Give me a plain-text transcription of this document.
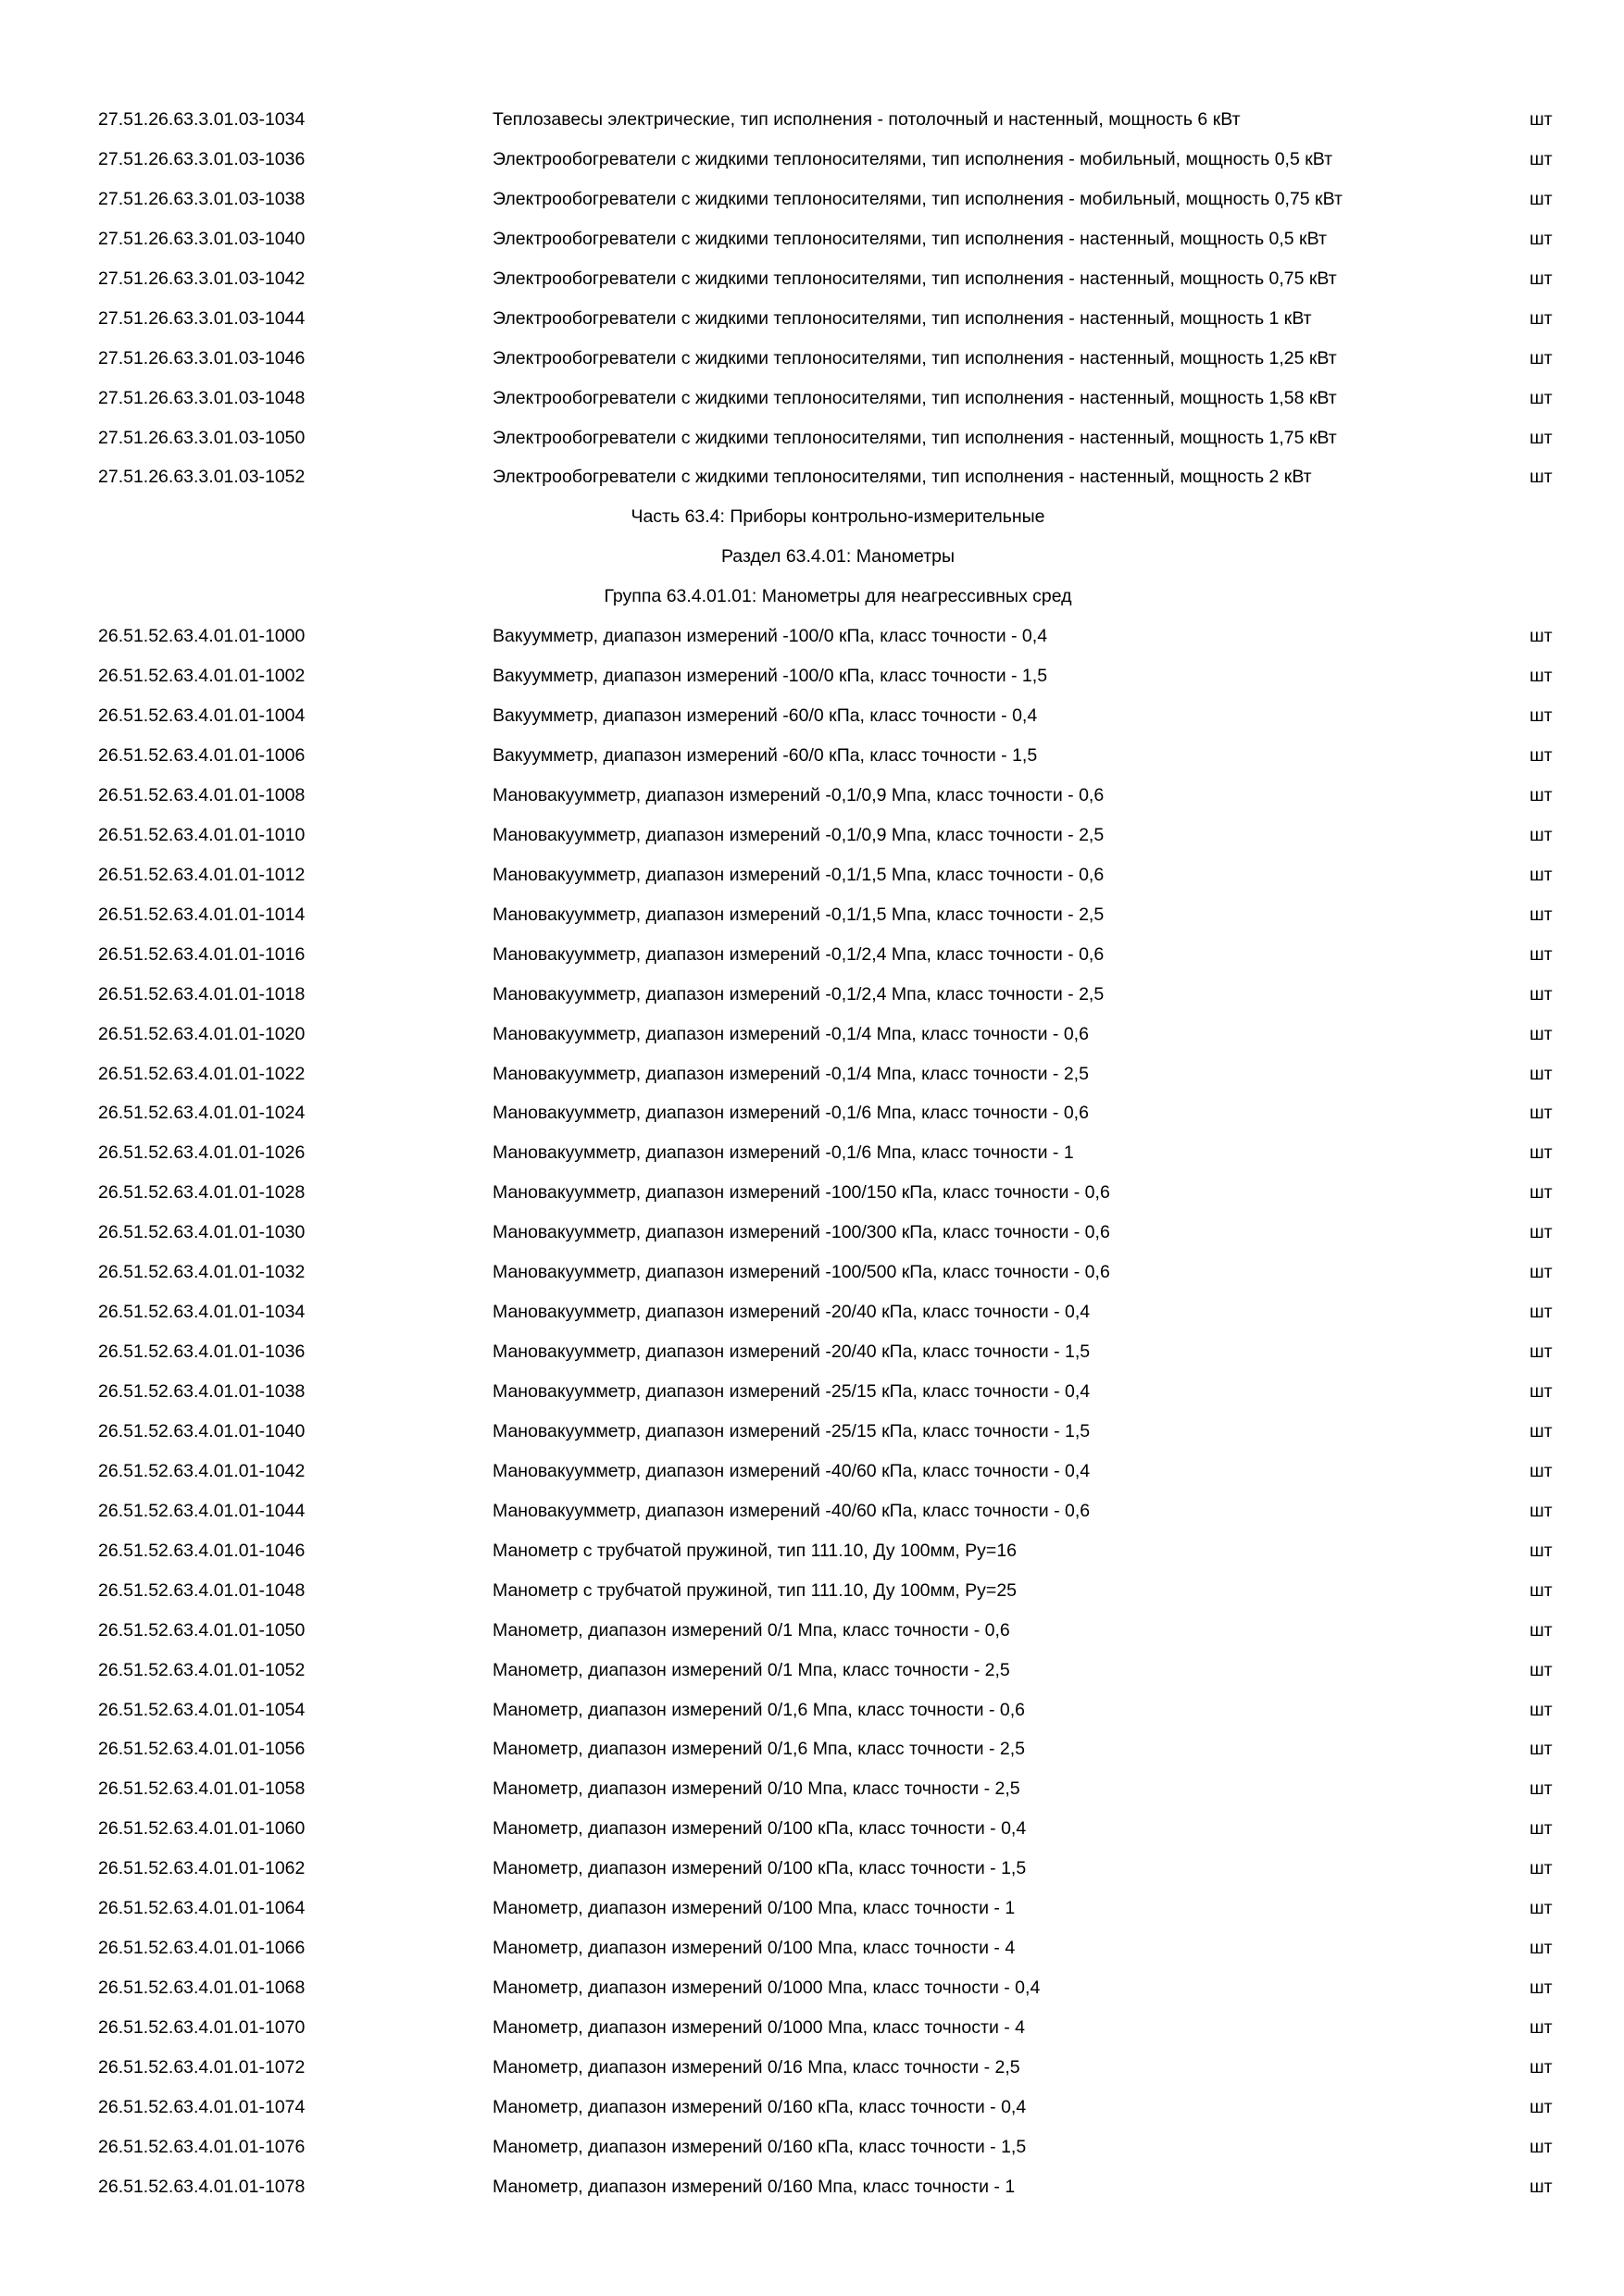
27.51.26.63.3.01.03-1034	Теплозавесы электрические, тип исполнения - потолочный и настенный, мощность 6 кВт	шт
27.51.26.63.3.01.03-1036	Электрообогреватели с жидкими теплоносителями, тип исполнения - мобильный, мощность 0,5 кВт	шт
27.51.26.63.3.01.03-1038	Электрообогреватели с жидкими теплоносителями, тип исполнения - мобильный, мощность 0,75 кВт	шт
27.51.26.63.3.01.03-1040	Электрообогреватели с жидкими теплоносителями, тип исполнения - настенный, мощность 0,5 кВт	шт
27.51.26.63.3.01.03-1042	Электрообогреватели с жидкими теплоносителями, тип исполнения - настенный, мощность 0,75 кВт	шт
27.51.26.63.3.01.03-1044	Электрообогреватели с жидкими теплоносителями, тип исполнения - настенный, мощность 1 кВт	шт
27.51.26.63.3.01.03-1046	Электрообогреватели с жидкими теплоносителями, тип исполнения - настенный, мощность 1,25 кВт	шт
27.51.26.63.3.01.03-1048	Электрообогреватели с жидкими теплоносителями, тип исполнения - настенный, мощность 1,58 кВт	шт
27.51.26.63.3.01.03-1050	Электрообогреватели с жидкими теплоносителями, тип исполнения - настенный, мощность 1,75 кВт	шт
27.51.26.63.3.01.03-1052	Электрообогреватели с жидкими теплоносителями, тип исполнения - настенный, мощность 2 кВт	шт
Часть 63.4: Приборы контрольно-измерительные
Раздел 63.4.01: Манометры
Группа 63.4.01.01: Манометры для неагрессивных сред
26.51.52.63.4.01.01-1000	Вакуумметр, диапазон измерений -100/0 кПа, класс точности - 0,4	шт
26.51.52.63.4.01.01-1002	Вакуумметр, диапазон измерений -100/0 кПа, класс точности - 1,5	шт
26.51.52.63.4.01.01-1004	Вакуумметр, диапазон измерений -60/0 кПа, класс точности - 0,4	шт
26.51.52.63.4.01.01-1006	Вакуумметр, диапазон измерений -60/0 кПа, класс точности - 1,5	шт
26.51.52.63.4.01.01-1008	Мановакуумметр, диапазон измерений -0,1/0,9 Мпа, класс точности - 0,6	шт
26.51.52.63.4.01.01-1010	Мановакуумметр, диапазон измерений -0,1/0,9 Мпа, класс точности - 2,5	шт
26.51.52.63.4.01.01-1012	Мановакуумметр, диапазон измерений -0,1/1,5 Мпа, класс точности - 0,6	шт
26.51.52.63.4.01.01-1014	Мановакуумметр, диапазон измерений -0,1/1,5 Мпа, класс точности - 2,5	шт
26.51.52.63.4.01.01-1016	Мановакуумметр, диапазон измерений -0,1/2,4 Мпа, класс точности - 0,6	шт
26.51.52.63.4.01.01-1018	Мановакуумметр, диапазон измерений -0,1/2,4 Мпа, класс точности - 2,5	шт
26.51.52.63.4.01.01-1020	Мановакуумметр, диапазон измерений -0,1/4 Мпа, класс точности - 0,6	шт
26.51.52.63.4.01.01-1022	Мановакуумметр, диапазон измерений -0,1/4 Мпа, класс точности - 2,5	шт
26.51.52.63.4.01.01-1024	Мановакуумметр, диапазон измерений -0,1/6 Мпа, класс точности - 0,6	шт
26.51.52.63.4.01.01-1026	Мановакуумметр, диапазон измерений -0,1/6 Мпа, класс точности - 1	шт
26.51.52.63.4.01.01-1028	Мановакуумметр, диапазон измерений -100/150 кПа, класс точности - 0,6	шт
26.51.52.63.4.01.01-1030	Мановакуумметр, диапазон измерений -100/300 кПа, класс точности - 0,6	шт
26.51.52.63.4.01.01-1032	Мановакуумметр, диапазон измерений -100/500 кПа, класс точности - 0,6	шт
26.51.52.63.4.01.01-1034	Мановакуумметр, диапазон измерений -20/40 кПа, класс точности - 0,4	шт
26.51.52.63.4.01.01-1036	Мановакуумметр, диапазон измерений -20/40 кПа, класс точности - 1,5	шт
26.51.52.63.4.01.01-1038	Мановакуумметр, диапазон измерений -25/15 кПа, класс точности - 0,4	шт
26.51.52.63.4.01.01-1040	Мановакуумметр, диапазон измерений -25/15 кПа, класс точности - 1,5	шт
26.51.52.63.4.01.01-1042	Мановакуумметр, диапазон измерений -40/60 кПа, класс точности - 0,4	шт
26.51.52.63.4.01.01-1044	Мановакуумметр, диапазон измерений -40/60 кПа, класс точности - 0,6	шт
26.51.52.63.4.01.01-1046	Манометр с трубчатой пружиной, тип 111.10, Ду 100мм, Ру=16	шт
26.51.52.63.4.01.01-1048	Манометр с трубчатой пружиной, тип 111.10, Ду 100мм, Ру=25	шт
26.51.52.63.4.01.01-1050	Манометр, диапазон измерений 0/1 Мпа, класс точности - 0,6	шт
26.51.52.63.4.01.01-1052	Манометр, диапазон измерений 0/1 Мпа, класс точности - 2,5	шт
26.51.52.63.4.01.01-1054	Манометр, диапазон измерений 0/1,6 Мпа, класс точности - 0,6	шт
26.51.52.63.4.01.01-1056	Манометр, диапазон измерений 0/1,6 Мпа, класс точности - 2,5	шт
26.51.52.63.4.01.01-1058	Манометр, диапазон измерений 0/10 Мпа, класс точности - 2,5	шт
26.51.52.63.4.01.01-1060	Манометр, диапазон измерений 0/100 кПа, класс точности - 0,4	шт
26.51.52.63.4.01.01-1062	Манометр, диапазон измерений 0/100 кПа, класс точности - 1,5	шт
26.51.52.63.4.01.01-1064	Манометр, диапазон измерений 0/100 Мпа, класс точности - 1	шт
26.51.52.63.4.01.01-1066	Манометр, диапазон измерений 0/100 Мпа, класс точности - 4	шт
26.51.52.63.4.01.01-1068	Манометр, диапазон измерений 0/1000 Мпа, класс точности - 0,4	шт
26.51.52.63.4.01.01-1070	Манометр, диапазон измерений 0/1000 Мпа, класс точности - 4	шт
26.51.52.63.4.01.01-1072	Манометр, диапазон измерений 0/16 Мпа, класс точности - 2,5	шт
26.51.52.63.4.01.01-1074	Манометр, диапазон измерений 0/160 кПа, класс точности - 0,4	шт
26.51.52.63.4.01.01-1076	Манометр, диапазон измерений 0/160 кПа, класс точности - 1,5	шт
26.51.52.63.4.01.01-1078	Манометр, диапазон измерений 0/160 Мпа, класс точности - 1	шт
